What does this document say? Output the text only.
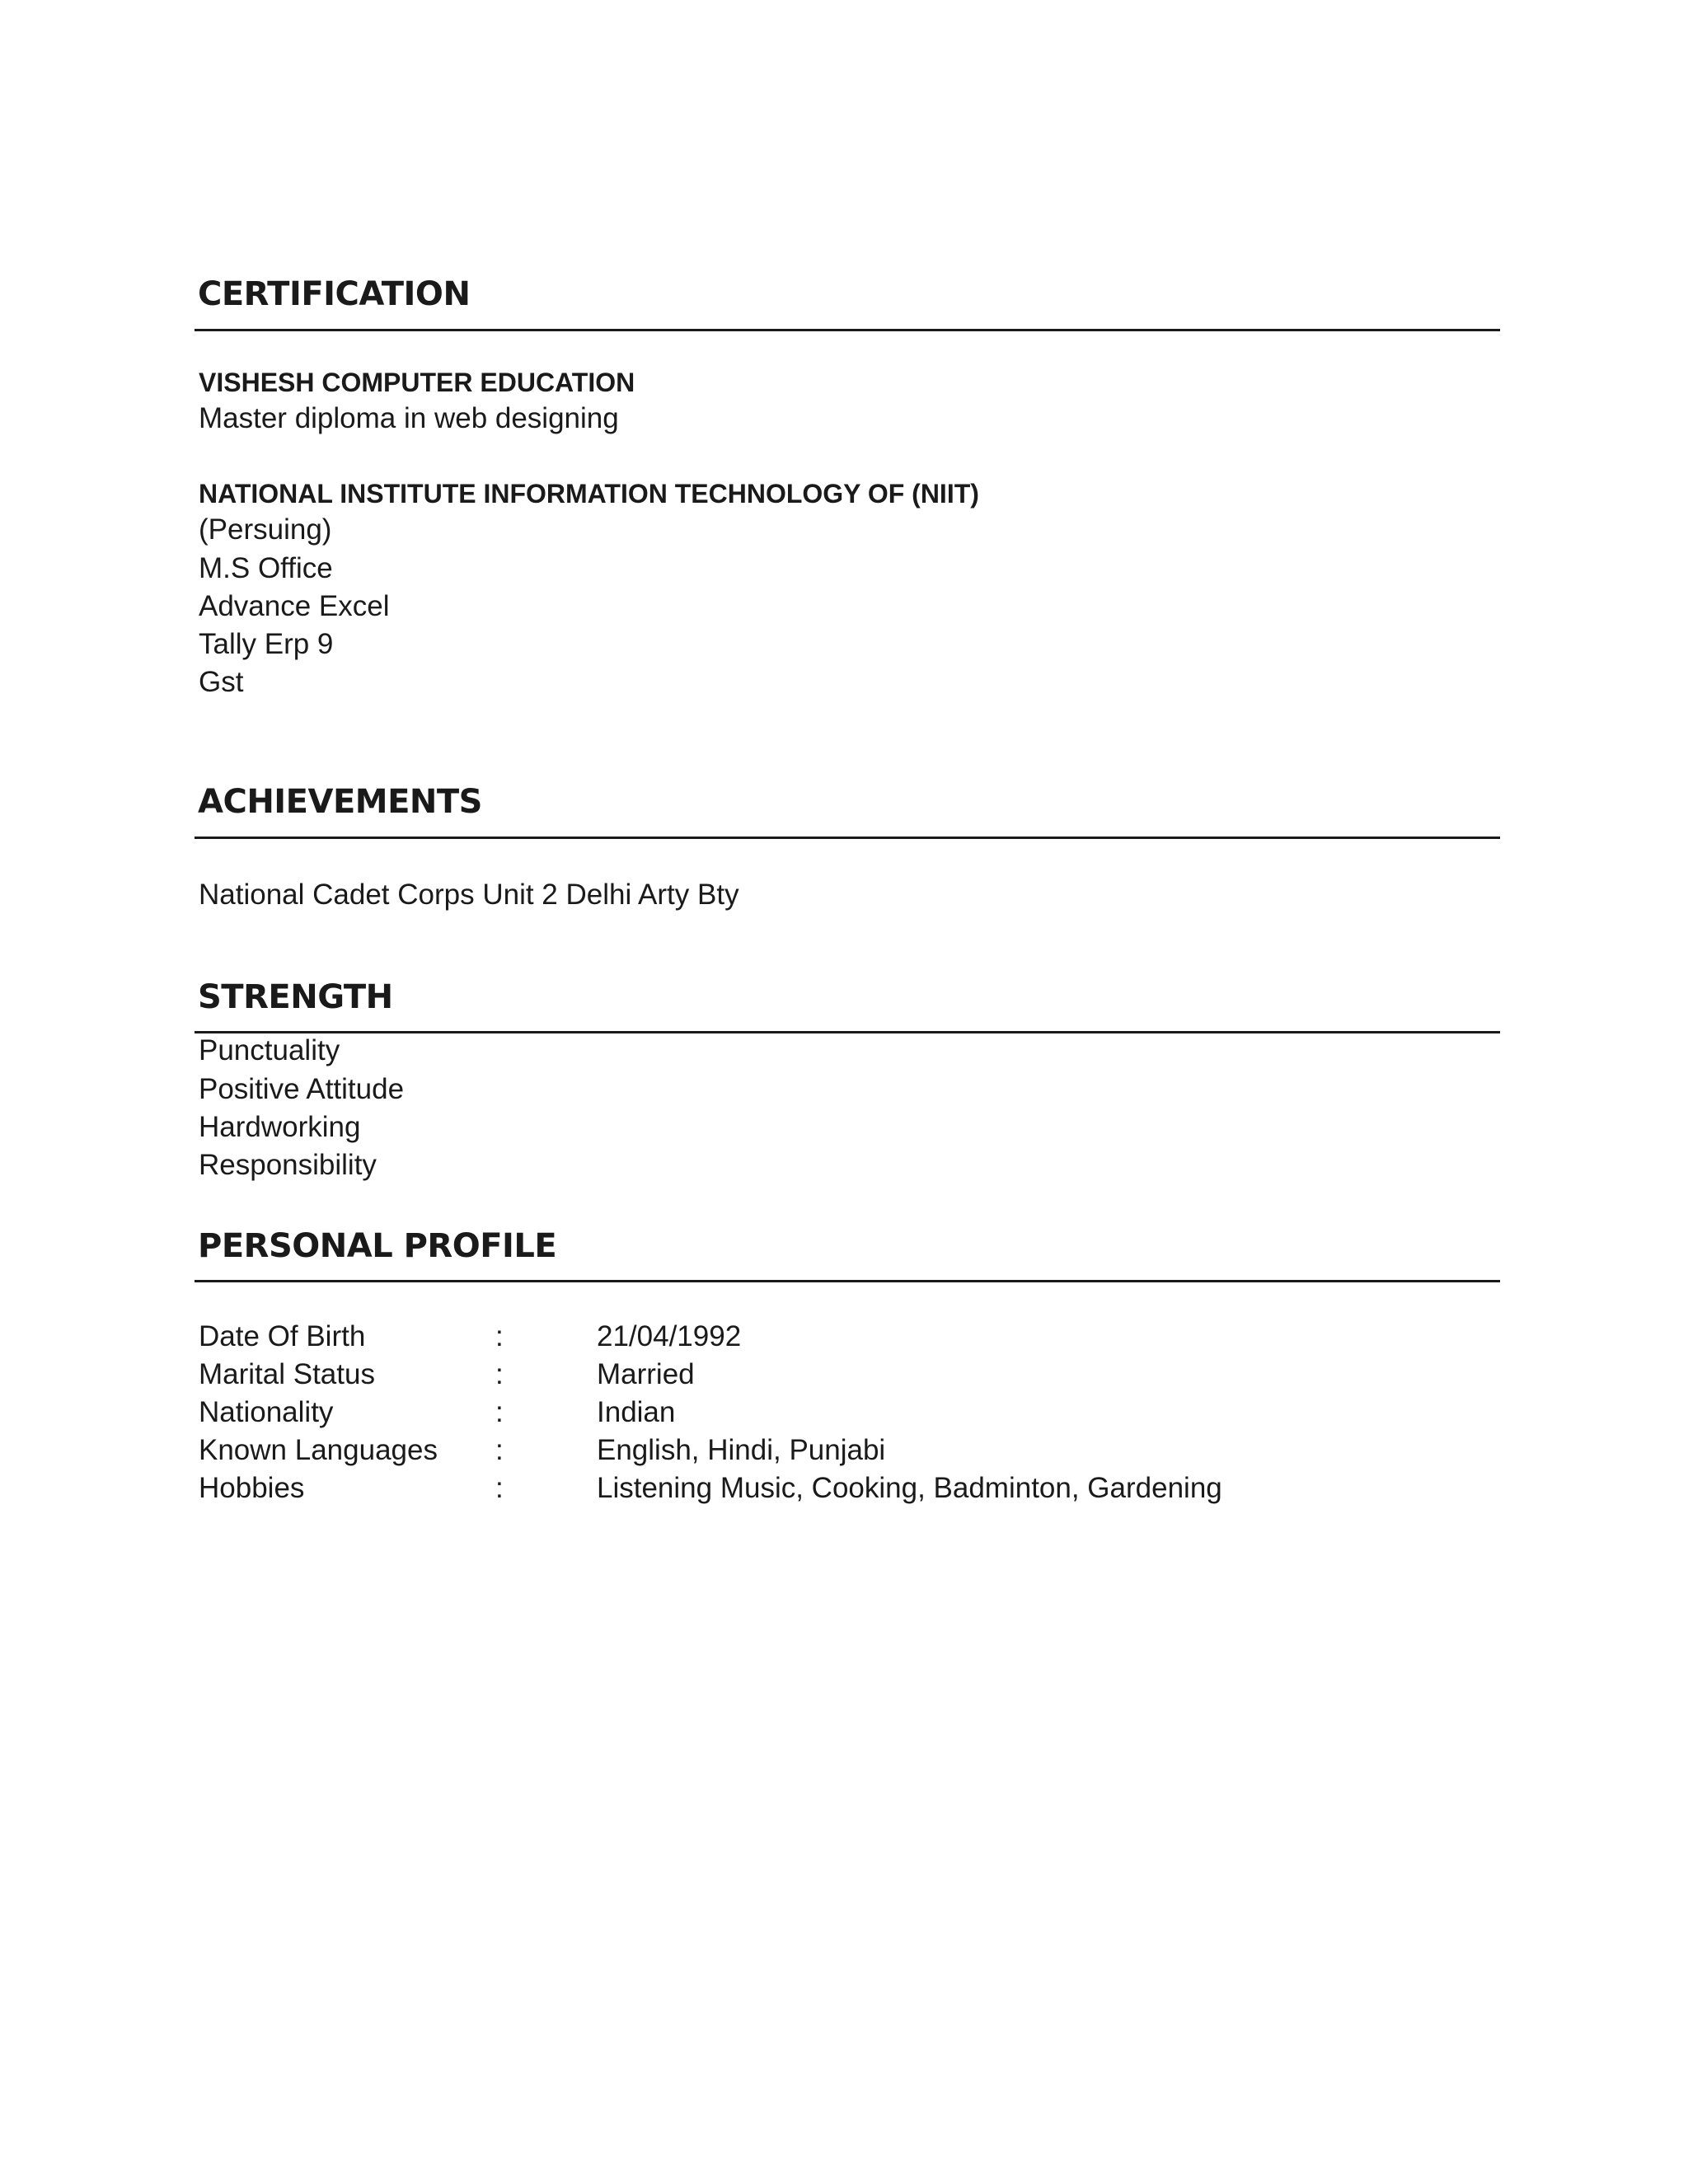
CERTIFICATION
VISHESH COMPUTER EDUCATION
Master diploma in web designing
NATIONAL INSTITUTE INFORMATION TECHNOLOGY OF (NIIT)
(Persuing)
M.S Office
Advance Excel
Tally Erp 9
Gst
ACHIEVEMENTS
National Cadet Corps Unit 2 Delhi Arty Bty
STRENGTH
Punctuality
Positive Attitude
Hardworking
Responsibility
PERSONAL PROFILE
Date Of Birth	:	21/04/1992
Marital Status	:	Married
Nationality	:	Indian
Known Languages :	English, Hindi, Punjabi
Hobbies	:	Listening Music, Cooking, Badminton, Gardening
